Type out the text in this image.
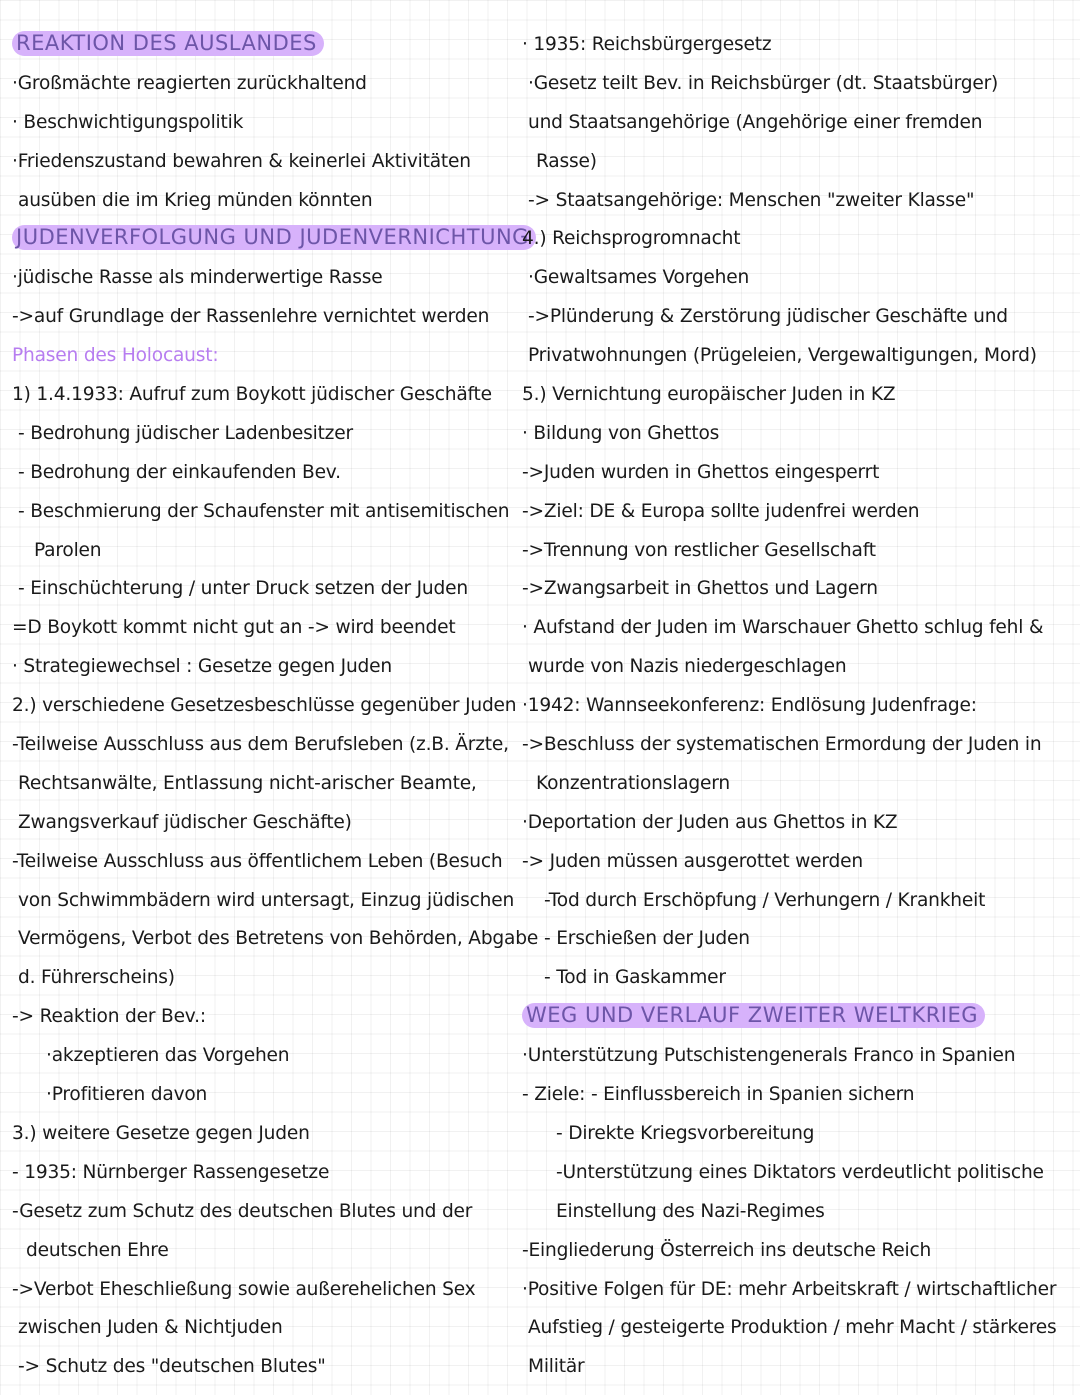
REAKTION DES AUSLANDES
·Großmächte reagierten zurückhaltend
· Beschwichtigungspolitik
·Friedenszustand bewahren & keinerlei Aktivitäten
ausüben die im Krieg münden könnten
JUDENVERFOLGUNG UND JUDENVERNICHTUNG
·jüdische Rasse als minderwertige Rasse
->auf Grundlage der Rassenlehre vernichtet werden
Phasen des Holocaust:
1) 1.4.1933: Aufruf zum Boykott jüdischer Geschäfte
- Bedrohung jüdischer Ladenbesitzer
- Bedrohung der einkaufenden Bev.
- Beschmierung der Schaufenster mit antisemitischen
Parolen
- Einschüchterung / unter Druck setzen der Juden
=D Boykott kommt nicht gut an -> wird beendet
· Strategiewechsel : Gesetze gegen Juden
2.) verschiedene Gesetzesbeschlüsse gegenüber Juden
-Teilweise Ausschluss aus dem Berufsleben (z.B. Ärzte,
Rechtsanwälte, Entlassung nicht-arischer Beamte,
Zwangsverkauf jüdischer Geschäfte)
-Teilweise Ausschluss aus öffentlichem Leben (Besuch
von Schwimmbädern wird untersagt, Einzug jüdischen
Vermögens, Verbot des Betretens von Behörden, Abgabe
d. Führerscheins)
-> Reaktion der Bev.:
·akzeptieren das Vorgehen
·Profitieren davon
3.) weitere Gesetze gegen Juden
- 1935: Nürnberger Rassengesetze
-Gesetz zum Schutz des deutschen Blutes und der
deutschen Ehre
->Verbot Eheschließung sowie außerehelichen Sex
zwischen Juden & Nichtjuden
-> Schutz des "deutschen Blutes"
· 1935: Reichsbürgergesetz
·Gesetz teilt Bev. in Reichsbürger (dt. Staatsbürger)
und Staatsangehörige (Angehörige einer fremden
Rasse)
-> Staatsangehörige: Menschen "zweiter Klasse"
4.) Reichsprogromnacht
·Gewaltsames Vorgehen
->Plünderung & Zerstörung jüdischer Geschäfte und
Privatwohnungen (Prügeleien, Vergewaltigungen, Mord)
5.) Vernichtung europäischer Juden in KZ
· Bildung von Ghettos
->Juden wurden in Ghettos eingesperrt
->Ziel: DE & Europa sollte judenfrei werden
->Trennung von restlicher Gesellschaft
->Zwangsarbeit in Ghettos und Lagern
· Aufstand der Juden im Warschauer Ghetto schlug fehl &
wurde von Nazis niedergeschlagen
·1942: Wannseekonferenz: Endlösung Judenfrage:
->Beschluss der systematischen Ermordung der Juden in
Konzentrationslagern
·Deportation der Juden aus Ghettos in KZ
-> Juden müssen ausgerottet werden
-Tod durch Erschöpfung / Verhungern / Krankheit
- Erschießen der Juden
- Tod in Gaskammer
WEG UND VERLAUF ZWEITER WELTKRIEG
·Unterstützung Putschistengenerals Franco in Spanien
- Ziele: - Einflussbereich in Spanien sichern
- Direkte Kriegsvorbereitung
-Unterstützung eines Diktators verdeutlicht politische
Einstellung des Nazi-Regimes
-Eingliederung Österreich ins deutsche Reich
·Positive Folgen für DE: mehr Arbeitskraft / wirtschaftlicher
Aufstieg / gesteigerte Produktion / mehr Macht / stärkeres
Militär
